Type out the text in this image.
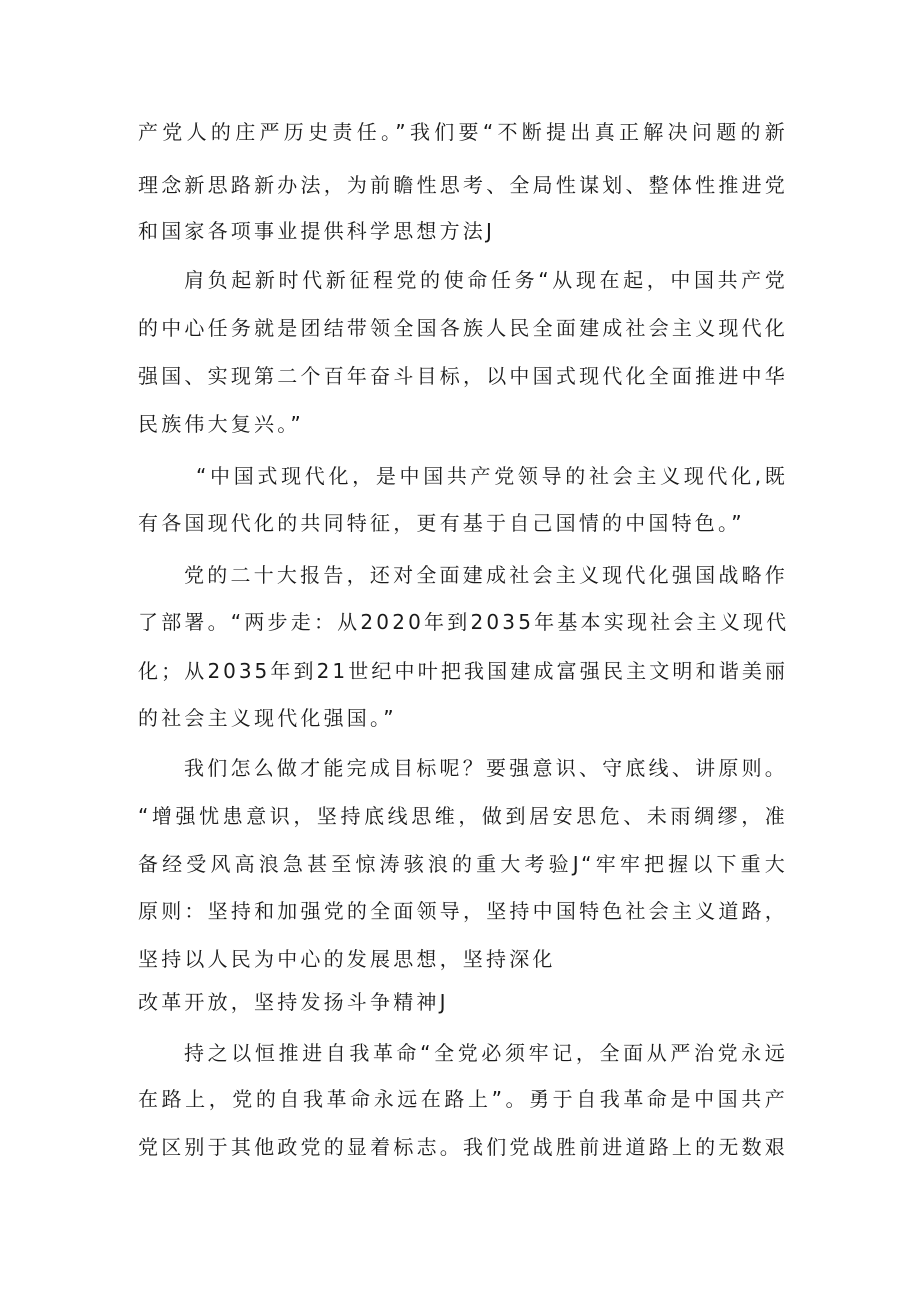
产党人的庄严历史责任。”我们要“不断提出真正解决问题的新
理念新思路新办法，为前瞻性思考、全局性谋划、整体性推进党
和国家各项事业提供科学思想方法J
肩负起新时代新征程党的使命任务“从现在起，中国共产党
的中心任务就是团结带领全国各族人民全面建成社会主义现代化
强国、实现第二个百年奋斗目标，以中国式现代化全面推进中华
民族伟大复兴。”
“中国式现代化，是中国共产党领导的社会主义现代化,既
有各国现代化的共同特征，更有基于自己国情的中国特色。”
党的二十大报告，还对全面建成社会主义现代化强国战略作
了部署。“两步走：从2020年到2035年基本实现社会主义现代
化；从2035年到21世纪中叶把我国建成富强民主文明和谐美丽
的社会主义现代化强国。”
我们怎么做才能完成目标呢？要强意识、守底线、讲原则。
“增强忧患意识，坚持底线思维，做到居安思危、未雨绸缪，准
备经受风高浪急甚至惊涛骇浪的重大考验J“牢牢把握以下重大
原则：坚持和加强党的全面领导，坚持中国特色社会主义道路，
坚持以人民为中心的发展思想，坚持深化
改革开放，坚持发扬斗争精神J
持之以恒推进自我革命“全党必须牢记，全面从严治党永远
在路上，党的自我革命永远在路上”。勇于自我革命是中国共产
党区别于其他政党的显着标志。我们党战胜前进道路上的无数艰
